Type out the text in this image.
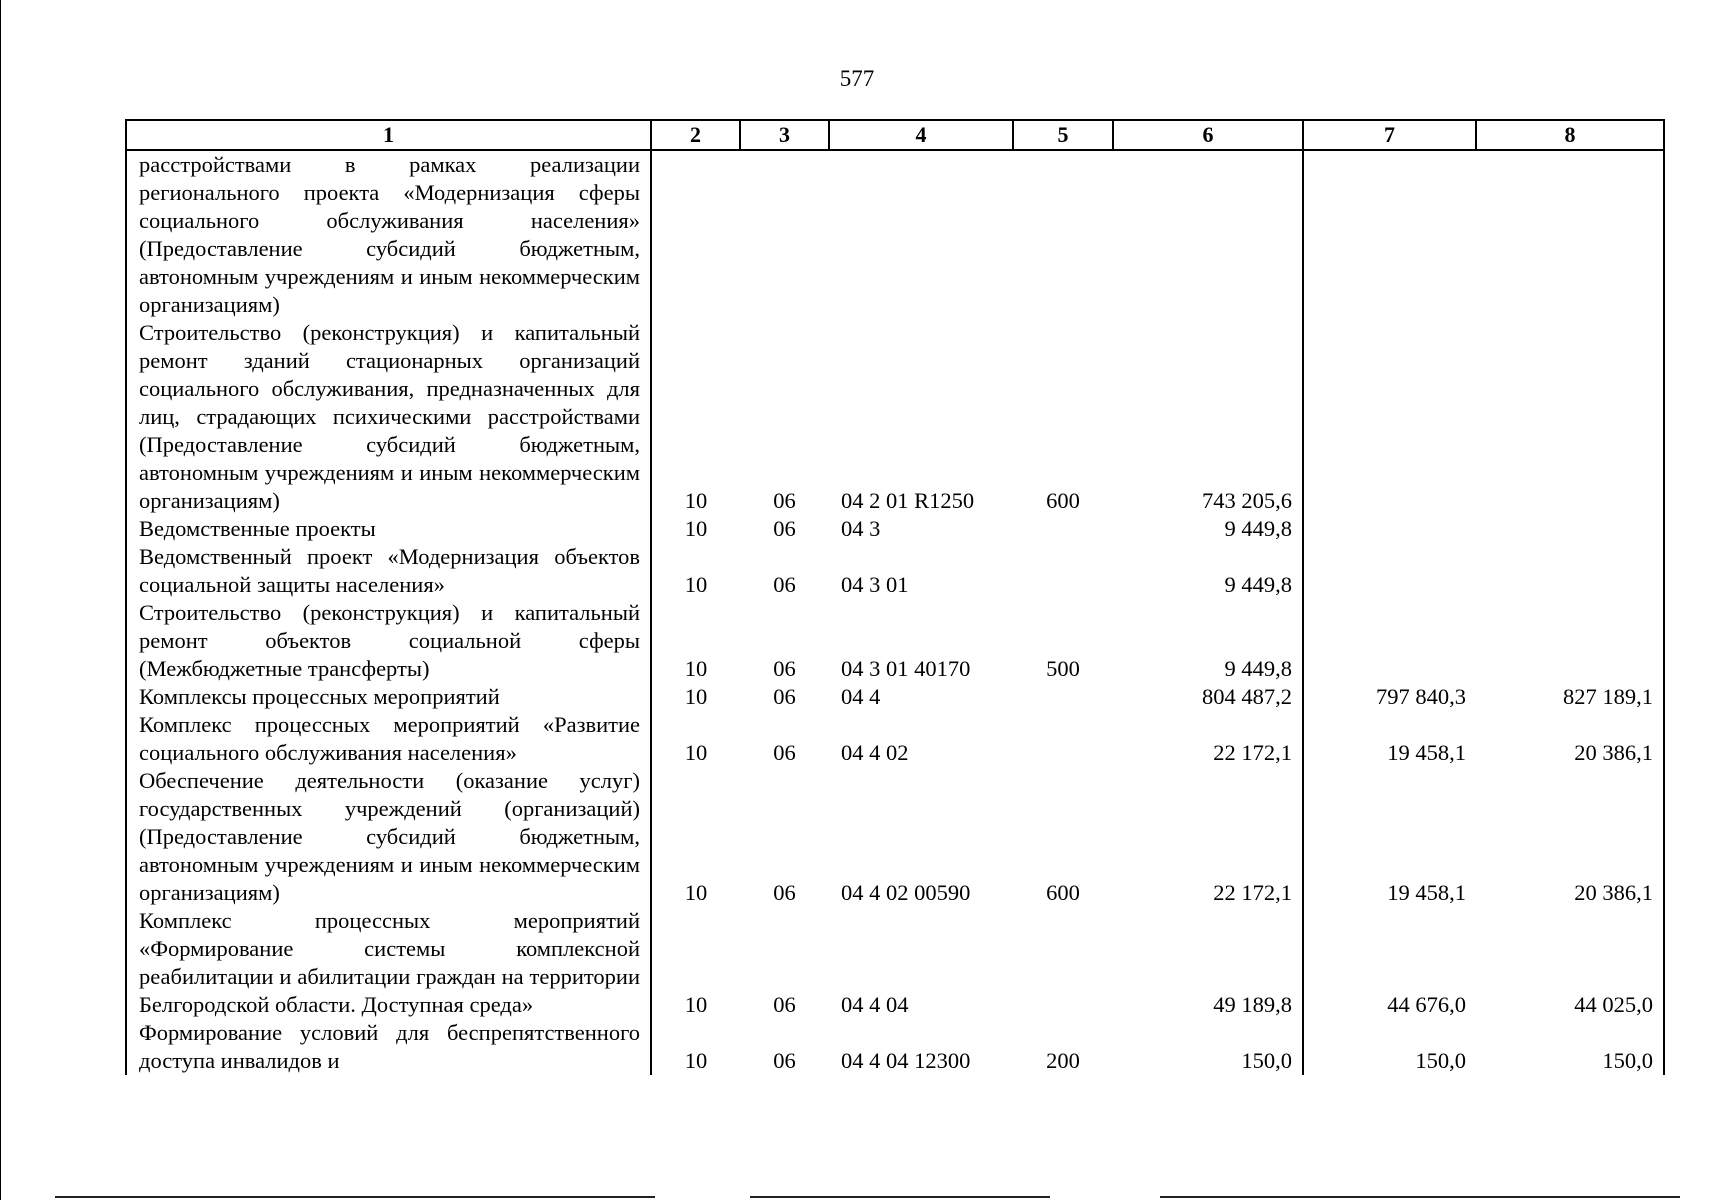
577
1	2	3	4	5	6	7	8
расстройствами в рамках реализации регионального проекта «Модернизация сферы социального обслуживания населения» (Предоставление субсидий бюджетным, автономным учреждениям и иным некоммерческим организациям)							
Строительство (реконструкция) и капитальный ремонт зданий стационарных организаций социального обслуживания, предназначенных для лиц, страдающих психическими расстройствами (Предоставление субсидий бюджетным, автономным учреждениям и иным некоммерческим организациям)	10	06	04 2 01 R1250	600	743 205,6		
Ведомственные проекты	10	06	04 3		9 449,8		
Ведомственный проект «Модернизация объектов социальной защиты населения»	10	06	04 3 01		9 449,8		
Строительство (реконструкция) и капитальный ремонт объектов социальной сферы (Межбюджетные трансферты)	10	06	04 3 01 40170	500	9 449,8		
Комплексы процессных мероприятий	10	06	04 4		804 487,2	797 840,3	827 189,1
Комплекс процессных мероприятий «Развитие социального обслуживания населения»	10	06	04 4 02		22 172,1	19 458,1	20 386,1
Обеспечение деятельности (оказание услуг) государственных учреждений (организаций) (Предоставление субсидий бюджетным, автономным учреждениям и иным некоммерческим организациям)	10	06	04 4 02 00590	600	22 172,1	19 458,1	20 386,1
Комплекс процессных мероприятий «Формирование системы комплексной реабилитации и абилитации граждан на территории Белгородской области. Доступная среда»	10	06	04 4 04		49 189,8	44 676,0	44 025,0
Формирование условий для беспрепятственного доступа инвалидов и	10	06	04 4 04 12300	200	150,0	150,0	150,0
